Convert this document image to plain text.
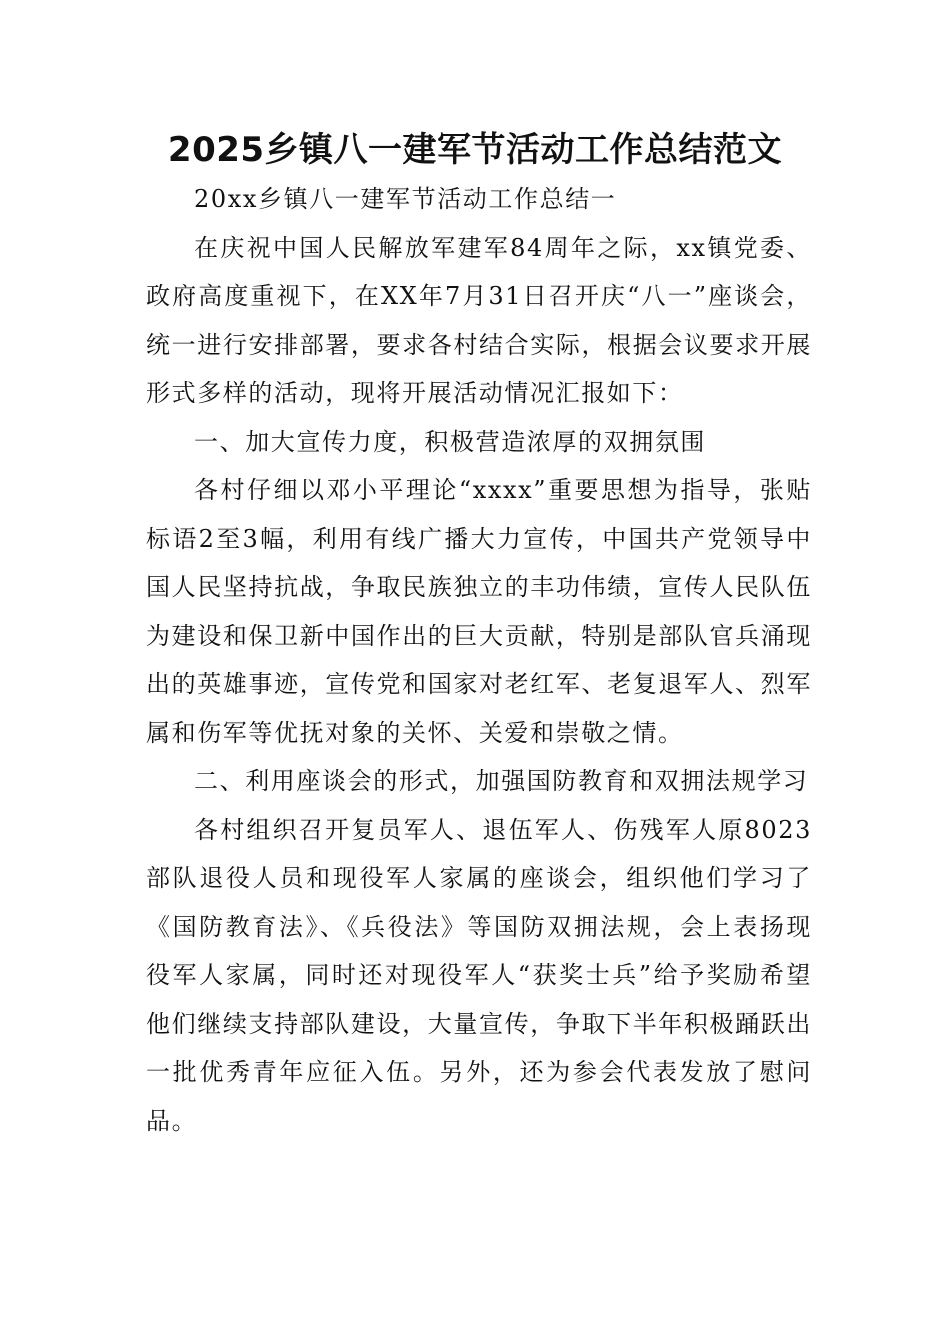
2025乡镇八一建军节活动工作总结范文

20xx乡镇八一建军节活动工作总结一

在庆祝中国人民解放军建军84周年之际，xx镇党委、政府高度重视下，在XX年7月31日召开庆“八一”座谈会，统一进行安排部署，要求各村结合实际，根据会议要求开展形式多样的活动，现将开展活动情况汇报如下：

一、加大宣传力度，积极营造浓厚的双拥氛围

各村仔细以邓小平理论“xxxx”重要思想为指导，张贴标语2至3幅，利用有线广播大力宣传，中国共产党领导中国人民坚持抗战，争取民族独立的丰功伟绩，宣传人民队伍为建设和保卫新中国作出的巨大贡献，特别是部队官兵涌现出的英雄事迹，宣传党和国家对老红军、老复退军人、烈军属和伤军等优抚对象的关怀、关爱和崇敬之情。

二、利用座谈会的形式，加强国防教育和双拥法规学习

各村组织召开复员军人、退伍军人、伤残军人原8023部队退役人员和现役军人家属的座谈会，组织他们学习了《国防教育法》、《兵役法》等国防双拥法规，会上表扬现役军人家属，同时还对现役军人“获奖士兵”给予奖励希望他们继续支持部队建设，大量宣传，争取下半年积极踊跃出一批优秀青年应征入伍。另外，还为参会代表发放了慰问品。
